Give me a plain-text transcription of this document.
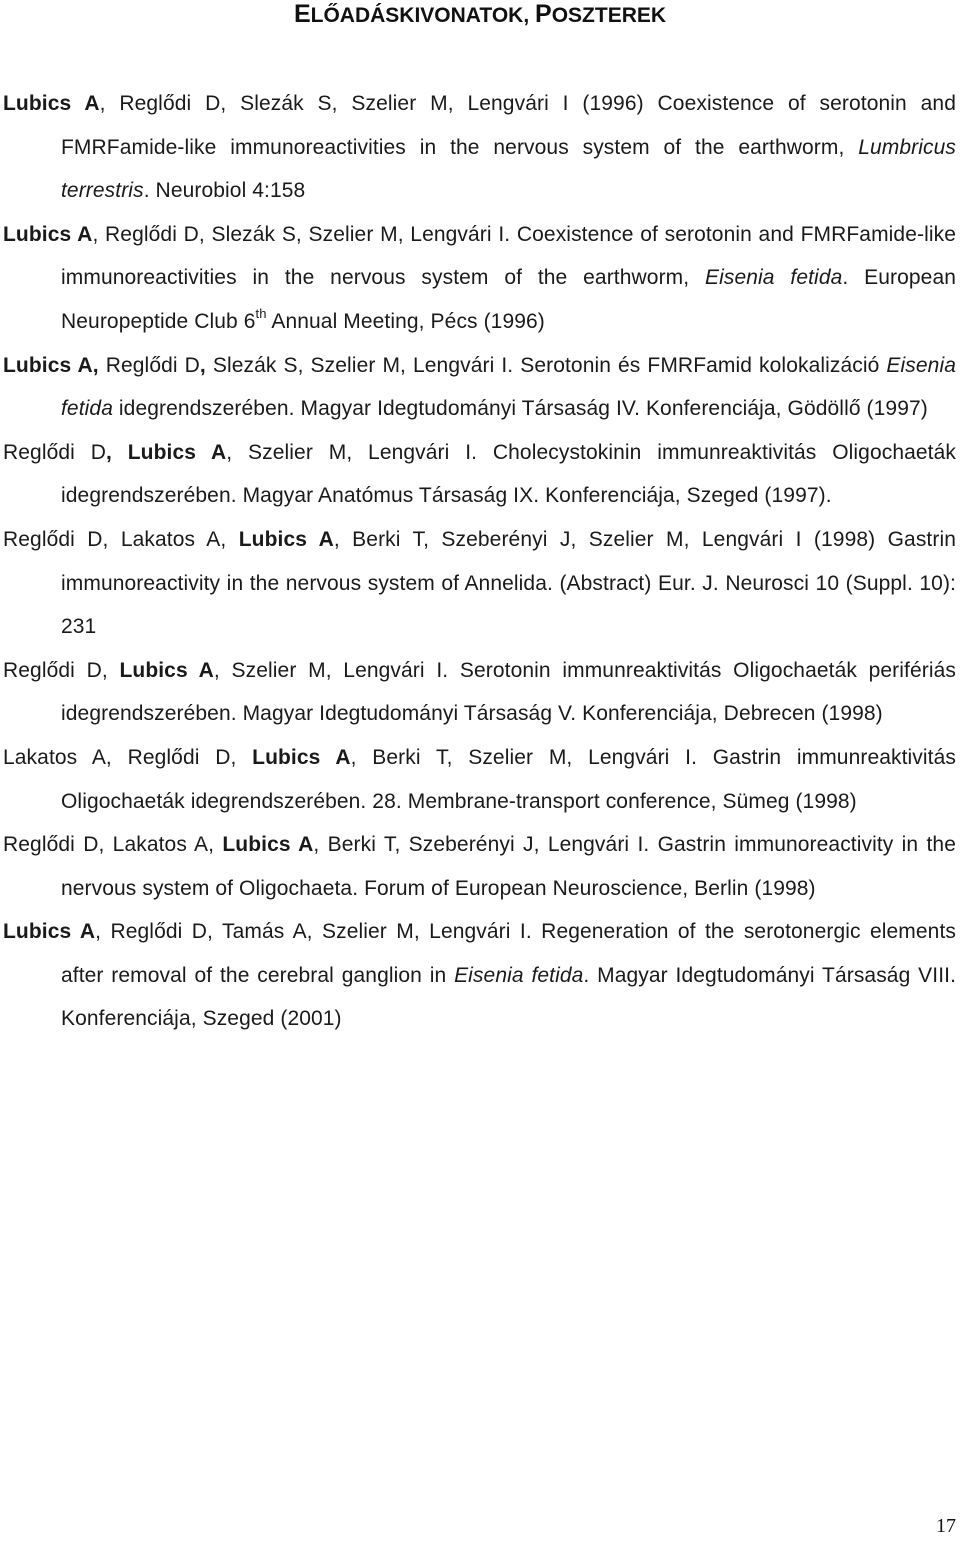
ELŐADÁSKIVONATOK, POSZTEREK
Lubics A, Reglődi D, Slezák S, Szelier M, Lengvári I (1996) Coexistence of serotonin and FMRFamide-like immunoreactivities in the nervous system of the earthworm, Lumbricus terrestris. Neurobiol 4:158
Lubics A, Reglődi D, Slezák S, Szelier M, Lengvári I. Coexistence of serotonin and FMRFamide-like immunoreactivities in the nervous system of the earthworm, Eisenia fetida. European Neuropeptide Club 6th Annual Meeting, Pécs (1996)
Lubics A, Reglődi D, Slezák S, Szelier M, Lengvári I. Serotonin és FMRFamid kolokalizáció Eisenia fetida idegrendszerében. Magyar Idegtudományi Társaság IV. Konferenciája, Gödöllő (1997)
Reglődi D, Lubics A, Szelier M, Lengvári I. Cholecystokinin immunreaktivitás Oligochaeták idegrendszerében. Magyar Anatómus Társaság IX. Konferenciája, Szeged (1997).
Reglődi D, Lakatos A, Lubics A, Berki T, Szeberényi J, Szelier M, Lengvári I (1998) Gastrin immunoreactivity in the nervous system of Annelida. (Abstract) Eur. J. Neurosci 10 (Suppl. 10): 231
Reglődi D, Lubics A, Szelier M, Lengvári I. Serotonin immunreaktivitás Oligochaeták perifériás idegrendszerében. Magyar Idegtudományi Társaság V. Konferenciája, Debrecen (1998)
Lakatos A, Reglődi D, Lubics A, Berki T, Szelier M, Lengvári I. Gastrin immunreaktivitás Oligochaeták idegrendszerében. 28. Membrane-transport conference, Sümeg (1998)
Reglődi D, Lakatos A, Lubics A, Berki T, Szeberényi J, Lengvári I. Gastrin immunoreactivity in the nervous system of Oligochaeta. Forum of European Neuroscience, Berlin (1998)
Lubics A, Reglődi D, Tamás A, Szelier M, Lengvári I. Regeneration of the serotonergic elements after removal of the cerebral ganglion in Eisenia fetida. Magyar Idegtudományi Társaság VIII. Konferenciája, Szeged (2001)
17
